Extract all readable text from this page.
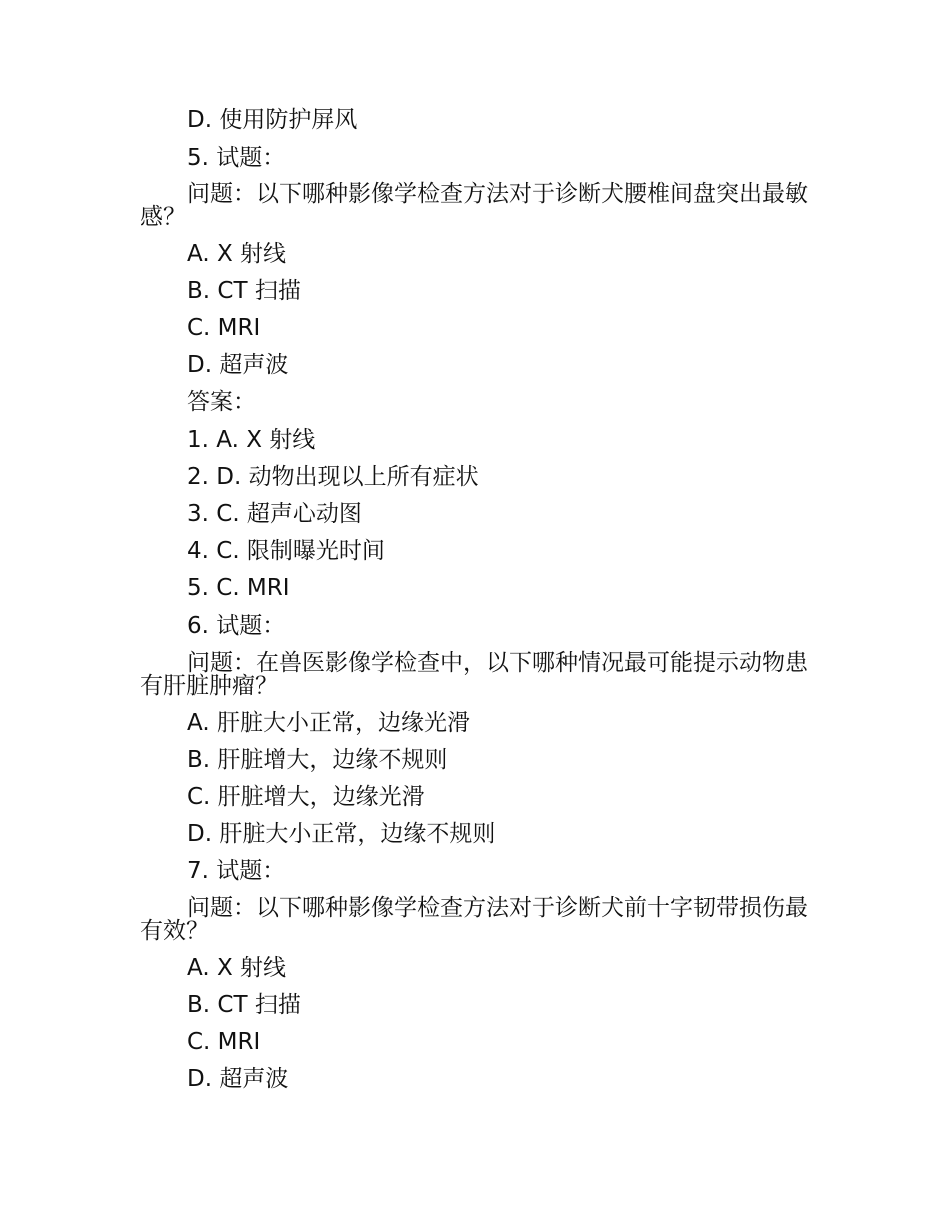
D. 使用防护屏风
5. 试题：
问题：以下哪种影像学检查方法对于诊断犬腰椎间盘突出最敏感？
A. X 射线
B. CT 扫描
C. MRI
D. 超声波
答案：
1. A. X 射线
2. D. 动物出现以上所有症状
3. C. 超声心动图
4. C. 限制曝光时间
5. C. MRI
6. 试题：
问题：在兽医影像学检查中，以下哪种情况最可能提示动物患有肝脏肿瘤？
A. 肝脏大小正常，边缘光滑
B. 肝脏增大，边缘不规则
C. 肝脏增大，边缘光滑
D. 肝脏大小正常，边缘不规则
7. 试题：
问题：以下哪种影像学检查方法对于诊断犬前十字韧带损伤最有效？
A. X 射线
B. CT 扫描
C. MRI
D. 超声波
